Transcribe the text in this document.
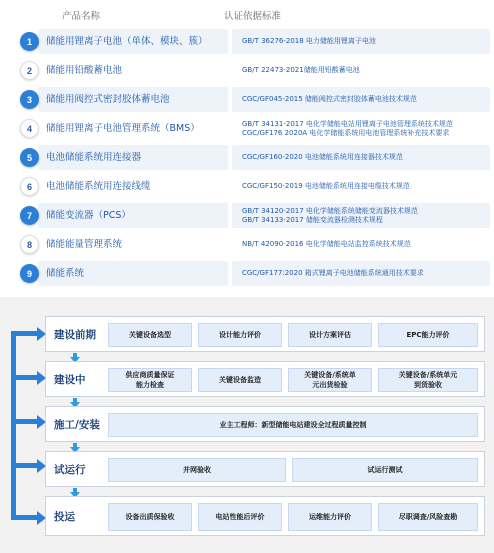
产品名称	认证依据标准
储能用锂离子电池（单体、模块、簇）	GB/T 36276-2018 电力储能用锂离子电池
1
储能用铅酸蓄电池	GB/T 22473-2021储能用铅酸蓄电池
2
储能用阀控式密封胶体蓄电池	CGC/GF045-2015 储能阀控式密封胶体蓄电池技术规范
3
储能用锂离子电池管理系统（BMS）	GB/T 34131-2017 电化学储能电站用锂离子电池管理系统技术规范
CGC/GF176 2020A 电化学储能系统用电池管理系统补充技术要求
4
电池储能系统用连接器	CGC/GF160-2020 电池储能系统用连接器技术规范
5
电池储能系统用连接线缆	CGC/GF150-2019 电池储能系统用连接电缆技术规范
6
储能变流器（PCS）	GB/T 34120-2017 电化学储能系统储能变流器技术规范
GB/T 34133-2017 储能变流器检测技术规程
7
储能能量管理系统	NB/T 42090-2016 电化学储能电站监控系统技术规范
8
储能系统	CGC/GF177:2020 箱式锂离子电池储能系统通用技术要求
9
建设前期	关键设备选型	设计能力评价	设计方案评估	EPC能力评价
建设中	供应商质量保证
能力检查
关键设备监造
关键设备/系统单
元出货检验
关键设备/系统单元
到货验收
施工/安装	业主工程师：新型储能电站建设全过程质量控制
试运行	并网验收	试运行测试
投运	设备出质保验收	电站性能后评价	运维能力评价	尽职调查/风险查勘
